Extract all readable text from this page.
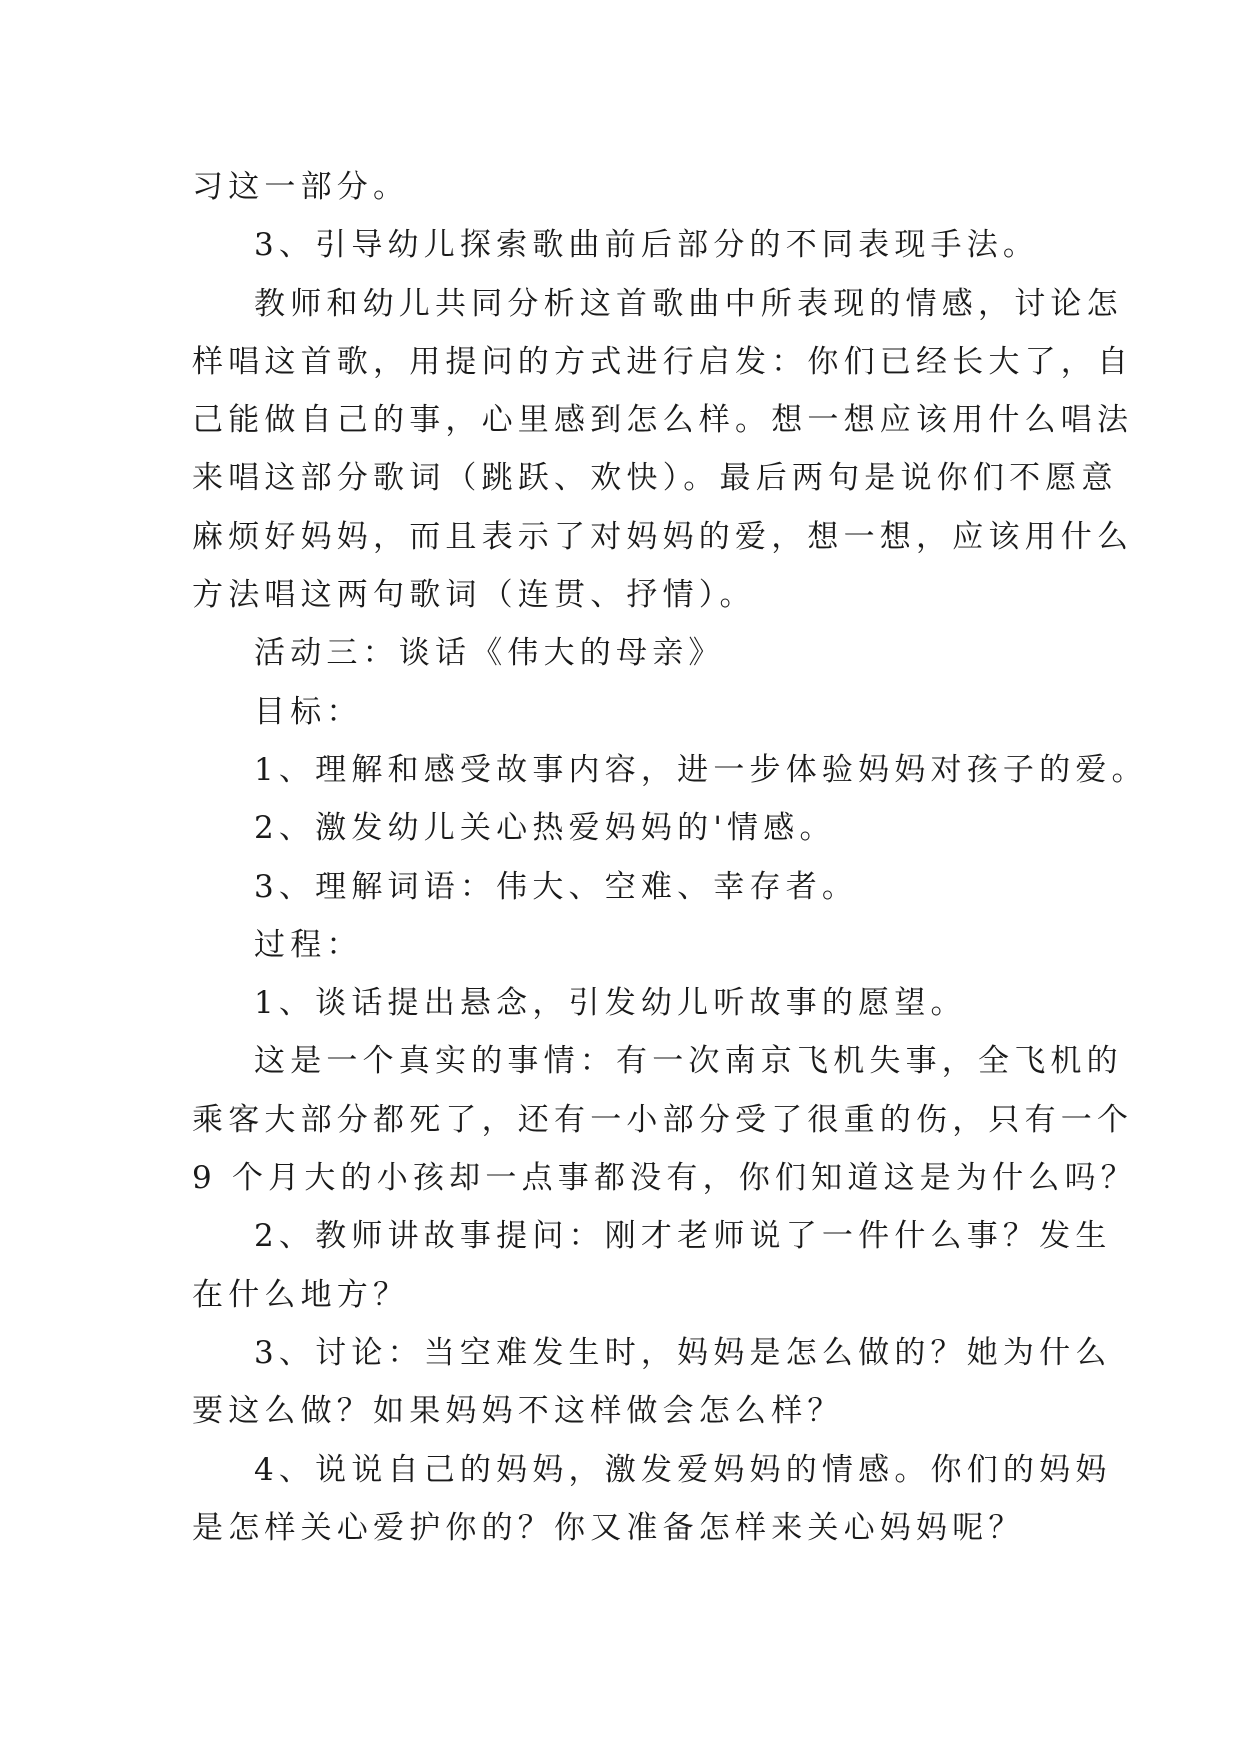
习这一部分。

3、引导幼儿探索歌曲前后部分的不同表现手法。

教师和幼儿共同分析这首歌曲中所表现的情感，讨论怎

样唱这首歌，用提问的方式进行启发：你们已经长大了，自

己能做自己的事，心里感到怎么样。想一想应该用什么唱法

来唱这部分歌词（跳跃、欢快）。最后两句是说你们不愿意

麻烦好妈妈，而且表示了对妈妈的爱，想一想，应该用什么

方法唱这两句歌词（连贯、抒情）。

活动三：谈话《伟大的母亲》

目标：

1、理解和感受故事内容，进一步体验妈妈对孩子的爱。

2、激发幼儿关心热爱妈妈的'情感。

3、理解词语：伟大、空难、幸存者。

过程：

1、谈话提出悬念，引发幼儿听故事的愿望。

这是一个真实的事情：有一次南京飞机失事，全飞机的

乘客大部分都死了，还有一小部分受了很重的伤，只有一个

9 个月大的小孩却一点事都没有，你们知道这是为什么吗？

2、教师讲故事提问：刚才老师说了一件什么事？发生

在什么地方？

3、讨论：当空难发生时，妈妈是怎么做的？她为什么

要这么做？如果妈妈不这样做会怎么样？

4、说说自己的妈妈，激发爱妈妈的情感。你们的妈妈

是怎样关心爱护你的？你又准备怎样来关心妈妈呢？
